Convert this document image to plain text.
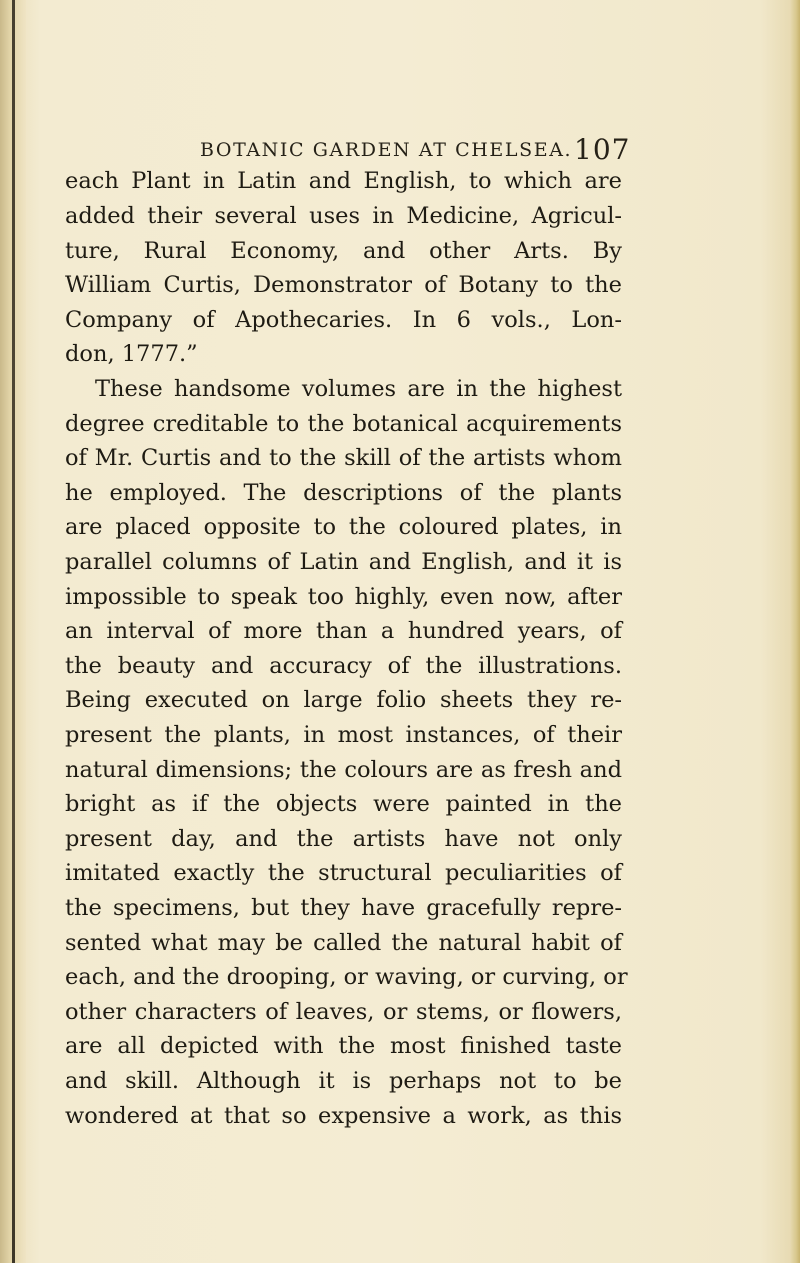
BOTANIC GARDEN AT CHELSEA. 107
each Plant in Latin and English, to which are
added their several uses in Medicine, Agricul-
ture, Rural Economy, and other Arts. By
William Curtis, Demonstrator of Botany to the
Company of Apothecaries. In 6 vols., Lon-
don, 1777.”
These handsome volumes are in the highest
degree creditable to the botanical acquirements
of Mr. Curtis and to the skill of the artists whom
he employed. The descriptions of the plants
are placed opposite to the coloured plates, in
parallel columns of Latin and English, and it is
impossible to speak too highly, even now, after
an interval of more than a hundred years, of
the beauty and accuracy of the illustrations.
Being executed on large folio sheets they re-
present the plants, in most instances, of their
natural dimensions; the colours are as fresh and
bright as if the objects were painted in the
present day, and the artists have not only
imitated exactly the structural peculiarities of
the specimens, but they have gracefully repre-
sented what may be called the natural habit of
each, and the drooping, or waving, or curving, or
other characters of leaves, or stems, or flowers,
are all depicted with the most finished taste
and skill. Although it is perhaps not to be
wondered at that so expensive a work, as this
